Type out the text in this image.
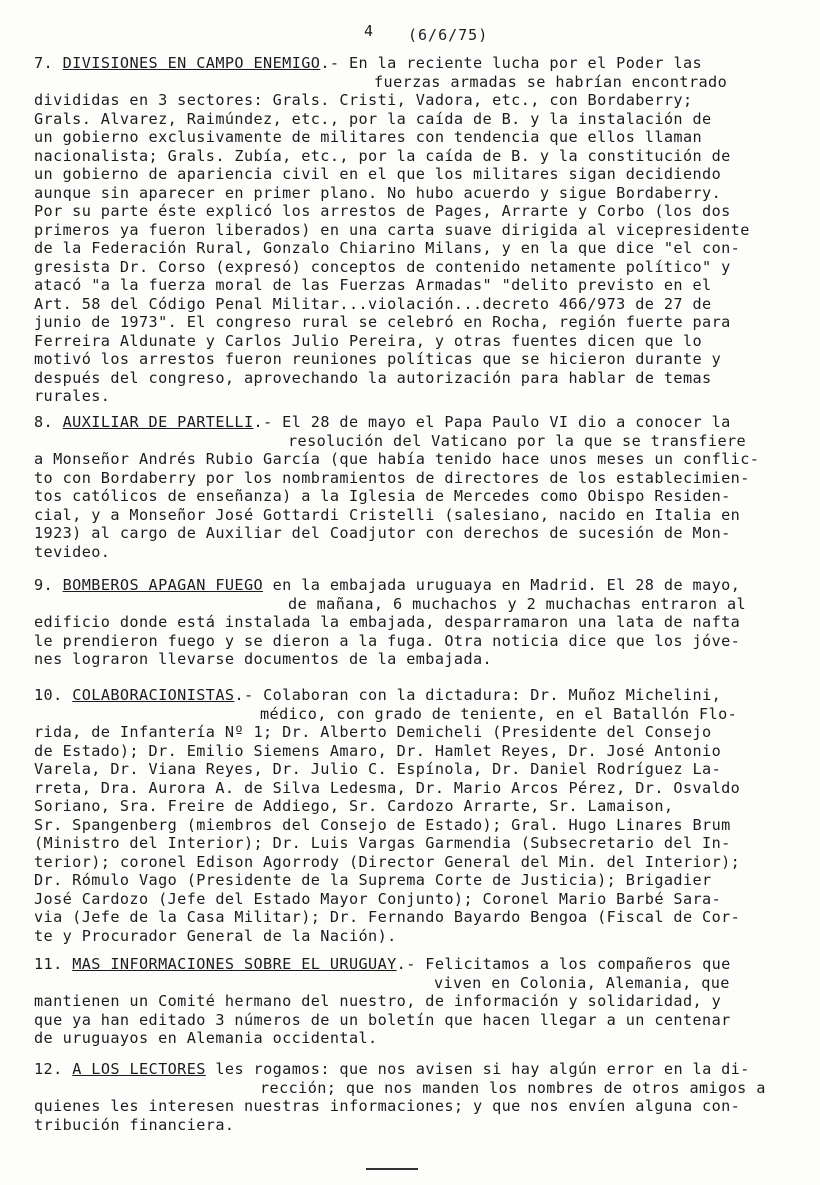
4 (6/6/75)
7. DIVISIONES EN CAMPO ENEMIGO.- En la reciente lucha por el Poder las
fuerzas armadas se habrían encontrado
divididas en 3 sectores: Grals. Cristi, Vadora, etc., con Bordaberry;
Grals. Alvarez, Raimúndez, etc., por la caída de B. y la instalación de
un gobierno exclusivamente de militares con tendencia que ellos llaman
nacionalista; Grals. Zubía, etc., por la caída de B. y la constitución de
un gobierno de apariencia civil en el que los militares sigan decidiendo
aunque sin aparecer en primer plano. No hubo acuerdo y sigue Bordaberry.
Por su parte éste explicó los arrestos de Pages, Arrarte y Corbo (los dos
primeros ya fueron liberados) en una carta suave dirigida al vicepresidente
de la Federación Rural, Gonzalo Chiarino Milans, y en la que dice "el con-
gresista Dr. Corso (expresó) conceptos de contenido netamente político" y
atacó "a la fuerza moral de las Fuerzas Armadas" "delito previsto en el
Art. 58 del Código Penal Militar...violación...decreto 466/973 de 27 de
junio de 1973". El congreso rural se celebró en Rocha, región fuerte para
Ferreira Aldunate y Carlos Julio Pereira, y otras fuentes dicen que lo
motivó los arrestos fueron reuniones políticas que se hicieron durante y
después del congreso, aprovechando la autorización para hablar de temas
rurales.
8. AUXILIAR DE PARTELLI.- El 28 de mayo el Papa Paulo VI dio a conocer la
resolución del Vaticano por la que se transfiere
a Monseñor Andrés Rubio García (que había tenido hace unos meses un conflic-
to con Bordaberry por los nombramientos de directores de los establecimien-
tos católicos de enseñanza) a la Iglesia de Mercedes como Obispo Residen-
cial, y a Monseñor José Gottardi Cristelli (salesiano, nacido en Italia en
1923) al cargo de Auxiliar del Coadjutor con derechos de sucesión de Mon-
tevideo.
9. BOMBEROS APAGAN FUEGO en la embajada uruguaya en Madrid. El 28 de mayo,
de mañana, 6 muchachos y 2 muchachas entraron al
edificio donde está instalada la embajada, desparramaron una lata de nafta
le prendieron fuego y se dieron a la fuga. Otra noticia dice que los jóve-
nes lograron llevarse documentos de la embajada.
10. COLABORACIONISTAS.- Colaboran con la dictadura: Dr. Muñoz Michelini,
médico, con grado de teniente, en el Batallón Flo-
rida, de Infantería Nº 1; Dr. Alberto Demicheli (Presidente del Consejo
de Estado); Dr. Emilio Siemens Amaro, Dr. Hamlet Reyes, Dr. José Antonio
Varela, Dr. Viana Reyes, Dr. Julio C. Espínola, Dr. Daniel Rodríguez La-
rreta, Dra. Aurora A. de Silva Ledesma, Dr. Mario Arcos Pérez, Dr. Osvaldo
Soriano, Sra. Freire de Addiego, Sr. Cardozo Arrarte, Sr. Lamaison,
Sr. Spangenberg (miembros del Consejo de Estado); Gral. Hugo Linares Brum
(Ministro del Interior); Dr. Luis Vargas Garmendia (Subsecretario del In-
terior); coronel Edison Agorrody (Director General del Min. del Interior);
Dr. Rómulo Vago (Presidente de la Suprema Corte de Justicia); Brigadier
José Cardozo (Jefe del Estado Mayor Conjunto); Coronel Mario Barbé Sara-
via (Jefe de la Casa Militar); Dr. Fernando Bayardo Bengoa (Fiscal de Cor-
te y Procurador General de la Nación).
11. MAS INFORMACIONES SOBRE EL URUGUAY.- Felicitamos a los compañeros que
viven en Colonia, Alemania, que
mantienen un Comité hermano del nuestro, de información y solidaridad, y
que ya han editado 3 números de un boletín que hacen llegar a un centenar
de uruguayos en Alemania occidental.
12. A LOS LECTORES les rogamos: que nos avisen si hay algún error en la di-
rección; que nos manden los nombres de otros amigos a
quienes les interesen nuestras informaciones; y que nos envíen alguna con-
tribución financiera.
